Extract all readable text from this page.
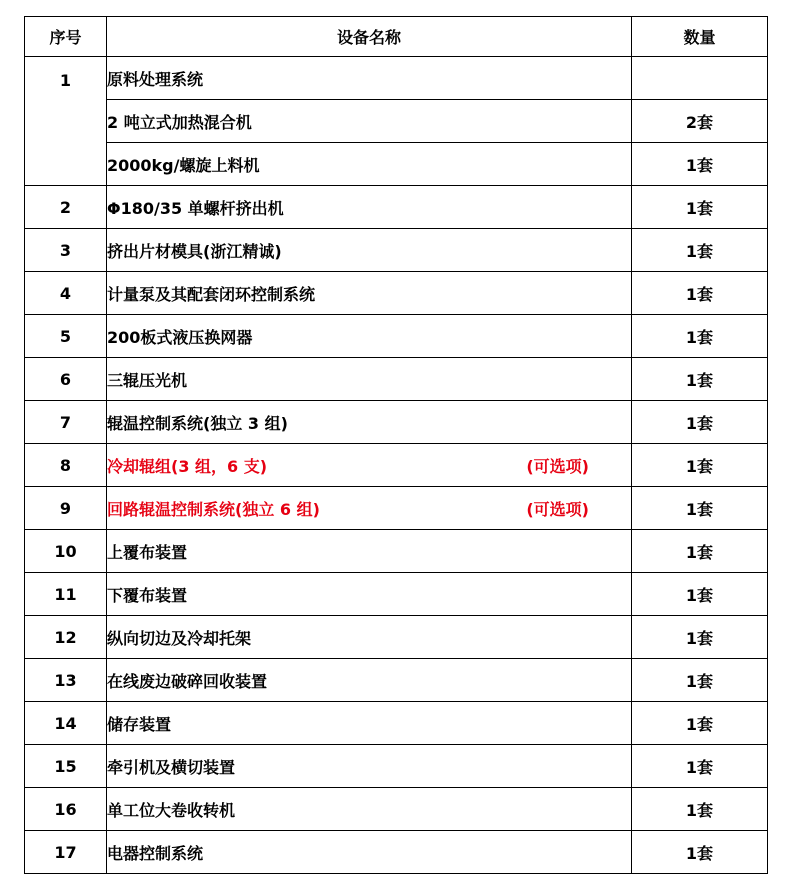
序号	设备名称	数量
1	原料处理系统	
	2 吨立式加热混合机	2套
	2000kg/螺旋上料机	1套
2	Φ180/35 单螺杆挤出机	1套
3	挤出片材模具(浙江精诚)	1套
4	计量泵及其配套闭环控制系统	1套
5	200板式液压换网器	1套
6	三辊压光机	1套
7	辊温控制系统(独立 3 组)	1套
8	冷却辊组(3 组，6 支) (可选项)	1套
9	回路辊温控制系统(独立 6 组) (可选项)	1套
10	上覆布装置	1套
11	下覆布装置	1套
12	纵向切边及冷却托架	1套
13	在线废边破碎回收装置	1套
14	储存装置	1套
15	牵引机及横切装置	1套
16	单工位大卷收转机	1套
17	电器控制系统	1套
